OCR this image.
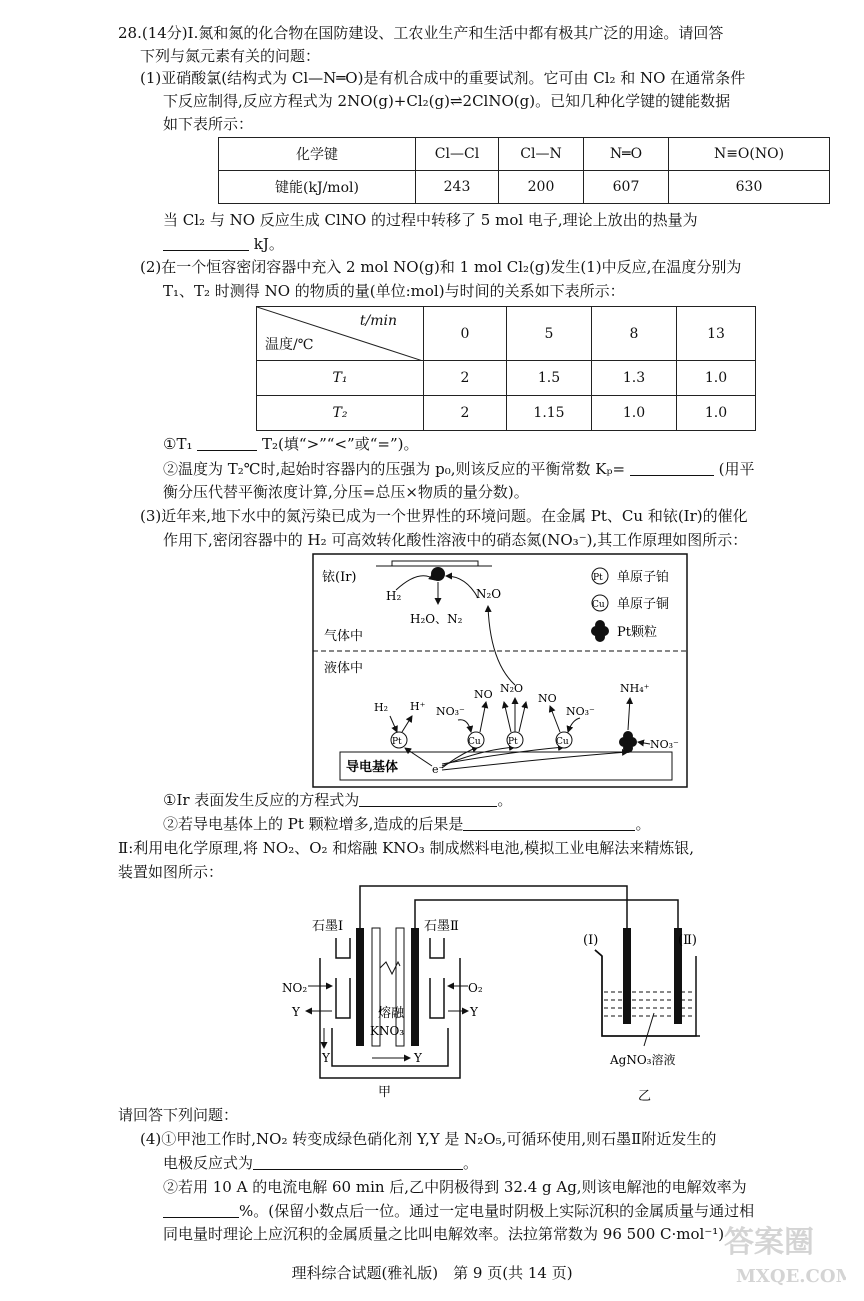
28.(14分)Ⅰ.氮和氮的化合物在国防建设、工农业生产和生活中都有极其广泛的用途。请回答
下列与氮元素有关的问题：
(1)亚硝酸氯(结构式为 Cl—N═O)是有机合成中的重要试剂。它可由 Cl₂ 和 NO 在通常条件
下反应制得,反应方程式为 2NO(g)+Cl₂(g)⇌2ClNO(g)。已知几种化学键的键能数据
如下表所示：
化学键	Cl—Cl	Cl—N	N═O	N≡O(NO)
键能(kJ/mol)	243	200	607	630
当 Cl₂ 与 NO 反应生成 ClNO 的过程中转移了 5 mol 电子,理论上放出的热量为
kJ。
(2)在一个恒容密闭容器中充入 2 mol NO(g)和 1 mol Cl₂(g)发生(1)中反应,在温度分别为
T₁、T₂ 时测得 NO 的物质的量(单位:mol)与时间的关系如下表所示：
t/min
温度/℃	0	5	8	13
T₁	2	1.5	1.3	1.0
T₂	2	1.15	1.0	1.0
①T₁	T₂(填“>”“<”或“=”)。
②温度为 T₂℃时,起始时容器内的压强为 p₀,则该反应的平衡常数 Kₚ=	(用平
衡分压代替平衡浓度计算,分压=总压×物质的量分数)。
(3)近年来,地下水中的氮污染已成为一个世界性的环境问题。在金属 Pt、Cu 和铱(Ir)的催化
作用下,密闭容器中的 H₂ 可高效转化酸性溶液中的硝态氮(NO₃⁻),其工作原理如图所示：
铱(Ir)
H₂	N₂O
H₂O、N₂
气体中
液体中
Pt 单原子铂
Cu 单原子铜
Pt颗粒
导电基体	e⁻
Pt	Cu	Pt	Cu
H₂ H⁺ NO₃⁻
NO N₂O
NO
NO₃⁻
NH₄⁺
NO₃⁻
①Ir 表面发生反应的方程式为	。
②若导电基体上的 Pt 颗粒增多,造成的后果是	。
Ⅱ:利用电化学原理,将 NO₂、O₂ 和熔融 KNO₃ 制成燃料电池,模拟工业电解法来精炼银,
装置如图所示：
石墨Ⅰ	石墨Ⅱ
熔融
KNO₃
NO₂
Y
O₂
Y
Y	Y
甲
(Ⅰ)	(Ⅱ)
AgNO₃溶液
乙
请回答下列问题：
(4)①甲池工作时,NO₂ 转变成绿色硝化剂 Y,Y 是 N₂O₅,可循环使用,则石墨Ⅱ附近发生的
电极反应式为	。
②若用 10 A 的电流电解 60 min 后,乙中阴极得到 32.4 g Ag,则该电解池的电解效率为
%。(保留小数点后一位。通过一定电量时阴极上实际沉积的金属质量与通过相
同电量时理论上应沉积的金属质量之比叫电解效率。法拉第常数为 96 500 C·mol⁻¹)
理科综合试题(雅礼版)　第 9 页(共 14 页)
答案圈
MXQE.COM
